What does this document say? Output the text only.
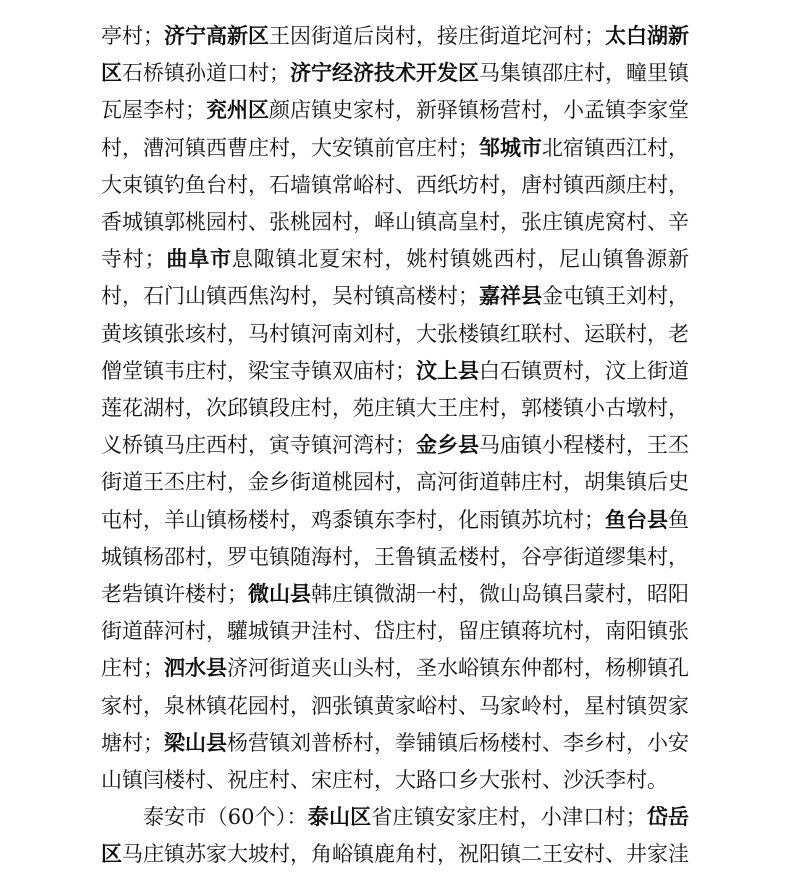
亭村；济宁高新区王因街道后岗村，接庄街道坨河村；太白湖新区石桥镇孙道口村；济宁经济技术开发区马集镇邵庄村，疃里镇瓦屋李村；兖州区颜店镇史家村，新驿镇杨营村，小孟镇李家堂村，漕河镇西曹庄村，大安镇前官庄村；邹城市北宿镇西江村，大束镇钓鱼台村，石墙镇常峪村、西纸坊村，唐村镇西颜庄村，香城镇郭桃园村、张桃园村，峄山镇高皇村，张庄镇虎窝村、辛寺村；曲阜市息陬镇北夏宋村，姚村镇姚西村，尼山镇鲁源新村，石门山镇西焦沟村，吴村镇高楼村；嘉祥县金屯镇王刘村，黄垓镇张垓村，马村镇河南刘村，大张楼镇红联村、运联村，老僧堂镇韦庄村，梁宝寺镇双庙村；汶上县白石镇贾村，汶上街道莲花湖村，次邱镇段庄村，苑庄镇大王庄村，郭楼镇小古墩村，义桥镇马庄西村，寅寺镇河湾村；金乡县马庙镇小程楼村，王丕街道王丕庄村，金乡街道桃园村，高河街道韩庄村，胡集镇后史屯村，羊山镇杨楼村，鸡黍镇东李村，化雨镇苏坑村；鱼台县鱼城镇杨邵村，罗屯镇随海村，王鲁镇孟楼村，谷亭街道缪集村，老砦镇许楼村；微山县韩庄镇微湖一村，微山岛镇吕蒙村，昭阳街道薛河村，驩城镇尹洼村、岱庄村，留庄镇蒋坑村，南阳镇张庄村；泗水县济河街道夹山头村，圣水峪镇东仲都村，杨柳镇孔家村，泉林镇花园村，泗张镇黄家峪村、马家岭村，星村镇贺家塘村；梁山县杨营镇刘普桥村，拳铺镇后杨楼村、李乡村，小安山镇闫楼村、祝庄村、宋庄村，大路口乡大张村、沙沃李村。

泰安市（60个）：泰山区省庄镇安家庄村，小津口村；岱岳区马庄镇苏家大坡村，角峪镇鹿角村，祝阳镇二王安村、井家洼
